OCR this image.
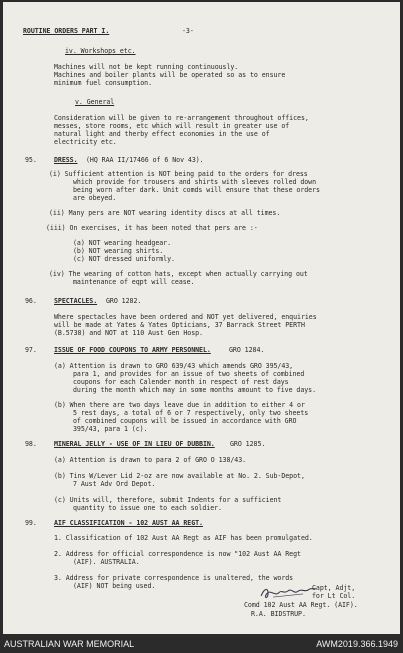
ROUTINE ORDERS PART I.	-3-
iv. Workshops etc.
Machines will not be kept running continuously.
Machines and boiler plants will be operated so as to ensure
minimum fuel consumption.
v. General
Consideration will be given to re-arrangement throughout offices,
messes, store rooms, etc which will result in greater use of
natural light and therby effect economies in the use of
electricity etc.
95.	DRESS. (HQ RAA II/17466 of 6 Nov 43).
(i) Sufficient attention is NOT being paid to the orders for dress
which provide for trousers and shirts with sleeves rolled down
being worn after dark. Unit comds will ensure that these orders
are obeyed.
(ii) Many pers are NOT wearing identity discs at all times.
(iii) On exercises, it has been noted that pers are :-
(a) NOT wearing headgear.
(b) NOT wearing shirts.
(c) NOT dressed uniformly.
(iv) The wearing of cotton hats, except when actually carrying out
maintenance of eqpt will cease.
96.	SPECTACLES. GRO 1282.
Where spectacles have been ordered and NOT yet delivered, enquiries
will be made at Yates & Yates Opticians, 37 Barrack Street PERTH
(B.5738) and NOT at 110 Aust Gen Hosp.
97.	ISSUE OF FOOD COUPONS TO ARMY PERSONNEL.	GRO 1284.
(a) Attention is drawn to GRO 639/43 which amends GRO 395/43,
para 1, and provides for an issue of two sheets of combined
coupons for each Calender month in respect of rest days
during the month which may in some months amount to five days.
(b) When there are two days leave due in addition to either 4 or
5 rest days, a total of 6 or 7 respectively, only two sheets
of combined coupons will be issued in accordance with GRO
395/43, para 1 (c).
98.	MINERAL JELLY - USE OF IN LIEU OF DUBBIN. GRO 1285.
(a) Attention is drawn to para 2 of GRO O 138/43.
(b) Tins W/Lever Lid 2-oz are now available at No. 2. Sub-Depot,
7 Aust Adv Ord Depot.
(c) Units will, therefore, submit Indents for a sufficient
quantity to issue one to each soldier.
99.	AIF CLASSIFICATION - 102 AUST AA REGT.
1. Classification of 102 Aust AA Regt as AIF has been promulgated.
2. Address for official correspondence is now "102 Aust AA Regt
(AIF). AUSTRALIA.
3. Address for private correspondence is unaltered, the words
(AIF) NOT being used.	Capt, Adjt,
for Lt Col.
Comd 102 Aust AA Regt. (AIF).
R.A. BIDSTRUP.
AUSTRALIAN WAR MEMORIAL	AWM2019.366.1949
